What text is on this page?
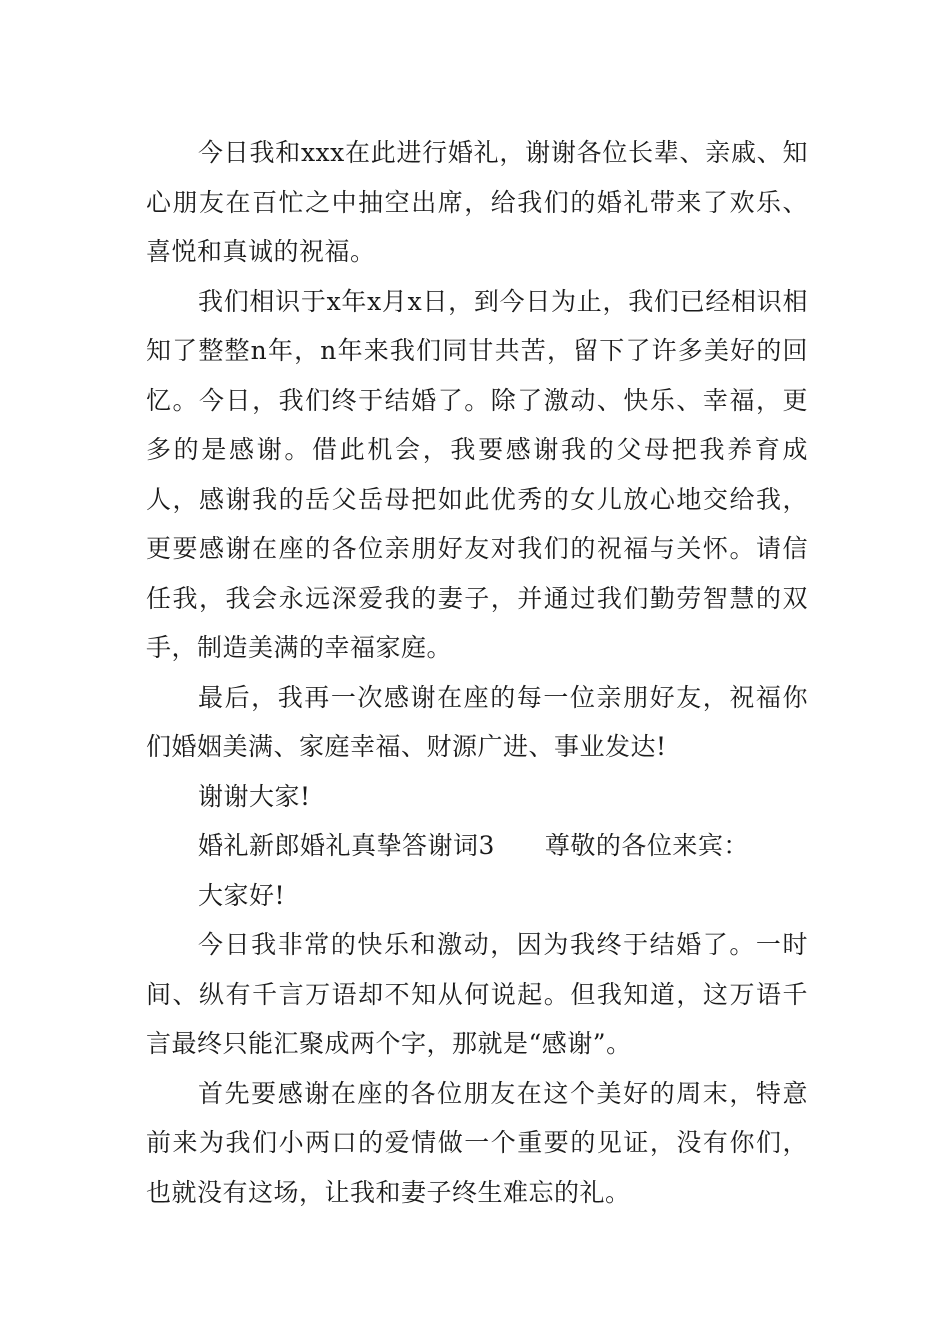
今日我和xxx在此进行婚礼，谢谢各位长辈、亲戚、知心朋友在百忙之中抽空出席，给我们的婚礼带来了欢乐、喜悦和真诚的祝福。

我们相识于x年x月x日，到今日为止，我们已经相识相知了整整n年，n年来我们同甘共苦，留下了许多美好的回忆。今日，我们终于结婚了。除了激动、快乐、幸福，更多的是感谢。借此机会，我要感谢我的父母把我养育成人，感谢我的岳父岳母把如此优秀的女儿放心地交给我，更要感谢在座的各位亲朋好友对我们的祝福与关怀。请信任我，我会永远深爱我的妻子，并通过我们勤劳智慧的双手，制造美满的幸福家庭。

最后，我再一次感谢在座的每一位亲朋好友，祝福你们婚姻美满、家庭幸福、财源广进、事业发达!

谢谢大家!

婚礼新郎婚礼真挚答谢词3 尊敬的各位来宾：

大家好!

今日我非常的快乐和激动，因为我终于结婚了。一时间、纵有千言万语却不知从何说起。但我知道，这万语千言最终只能汇聚成两个字，那就是“感谢”。

首先要感谢在座的各位朋友在这个美好的周末，特意前来为我们小两口的爱情做一个重要的见证，没有你们，也就没有这场，让我和妻子终生难忘的礼。
